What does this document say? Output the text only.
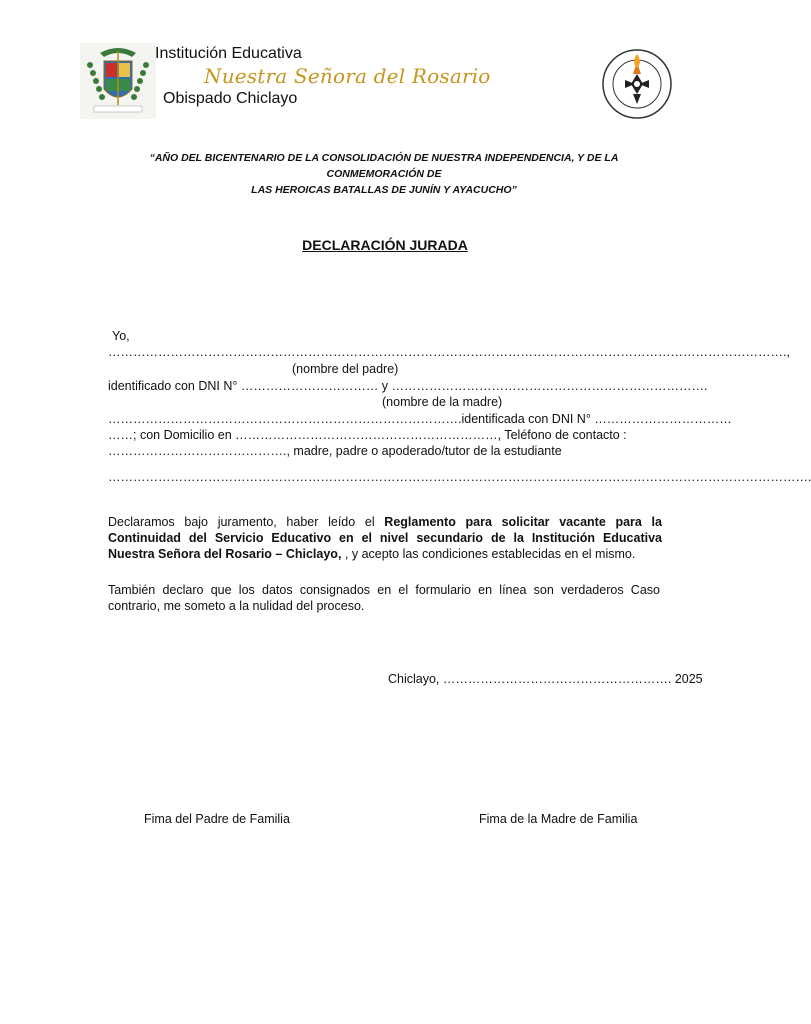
Institución Educativa
Nuestra Señora del Rosario
Obispado Chiclayo
“AÑO DEL BICENTENARIO DE LA CONSOLIDACIÓN DE NUESTRA INDEPENDENCIA, Y DE LA CONMEMORACIÓN DE
LAS HEROICAS BATALLAS DE JUNÍN Y AYACUCHO”
DECLARACIÓN JURADA
Yo,
……………………………………………………………………………………………………………………………………………….,
(nombre del padre)
identificado con DNI N° …………………………… y ………………………………………………………………….
(nombre de la madre)
………………………………………………………………………….identificada con DNI N° ……………………………
……; con Domicilio en ………………………………………………………, Teléfono de contacto :
……………………………………., madre, padre o apoderado/tutor de la estudiante
…………………………………………………………………………………………………………………………………………………….
Declaramos bajo juramento, haber leído el Reglamento para solicitar vacante para la Continuidad del Servicio Educativo en el nivel secundario de la Institución Educativa Nuestra Señora del Rosario – Chiclayo, , y acepto las condiciones establecidas en el mismo.
También declaro que los datos consignados en el formulario en línea son verdaderos Caso contrario, me someto a la nulidad del proceso.
Chiclayo, ………………………………………………. 2025
Fima del Padre de Familia	Fima de la Madre de Familia
